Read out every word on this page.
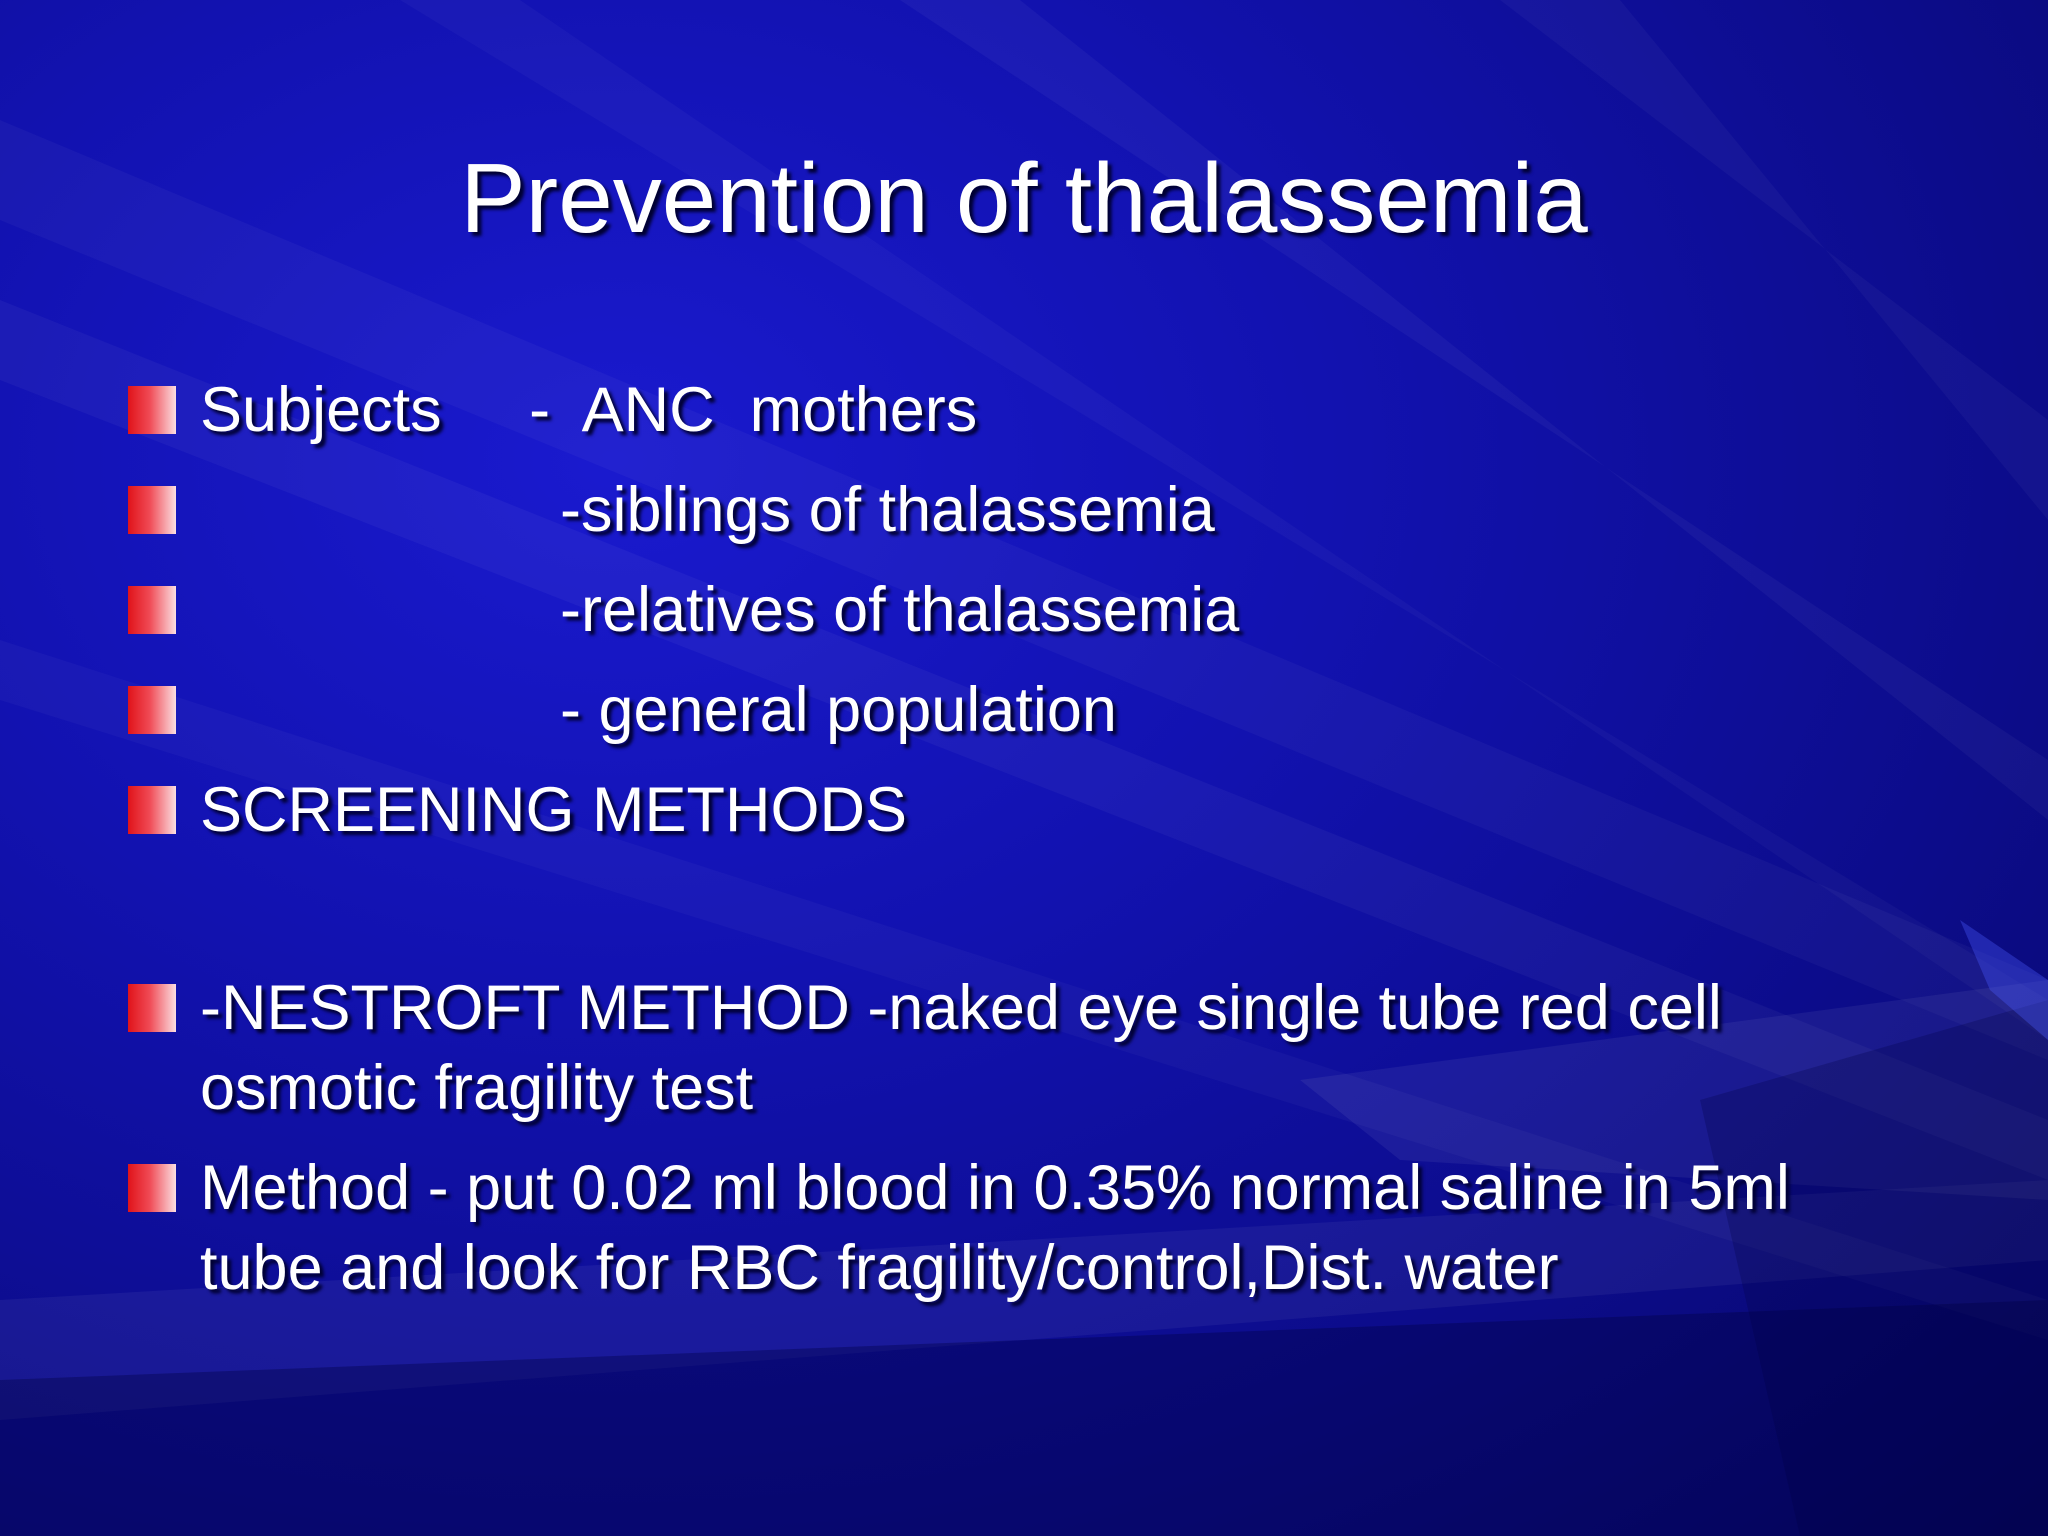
Prevention of thalassemia
Subjects     -  ANC  mothers
-siblings of thalassemia
-relatives of thalassemia
- general population
SCREENING METHODS
-NESTROFT METHOD -naked eye single tube red cell osmotic fragility test
Method - put 0.02 ml blood in 0.35% normal saline in 5ml tube and look for RBC fragility/control,Dist. water
